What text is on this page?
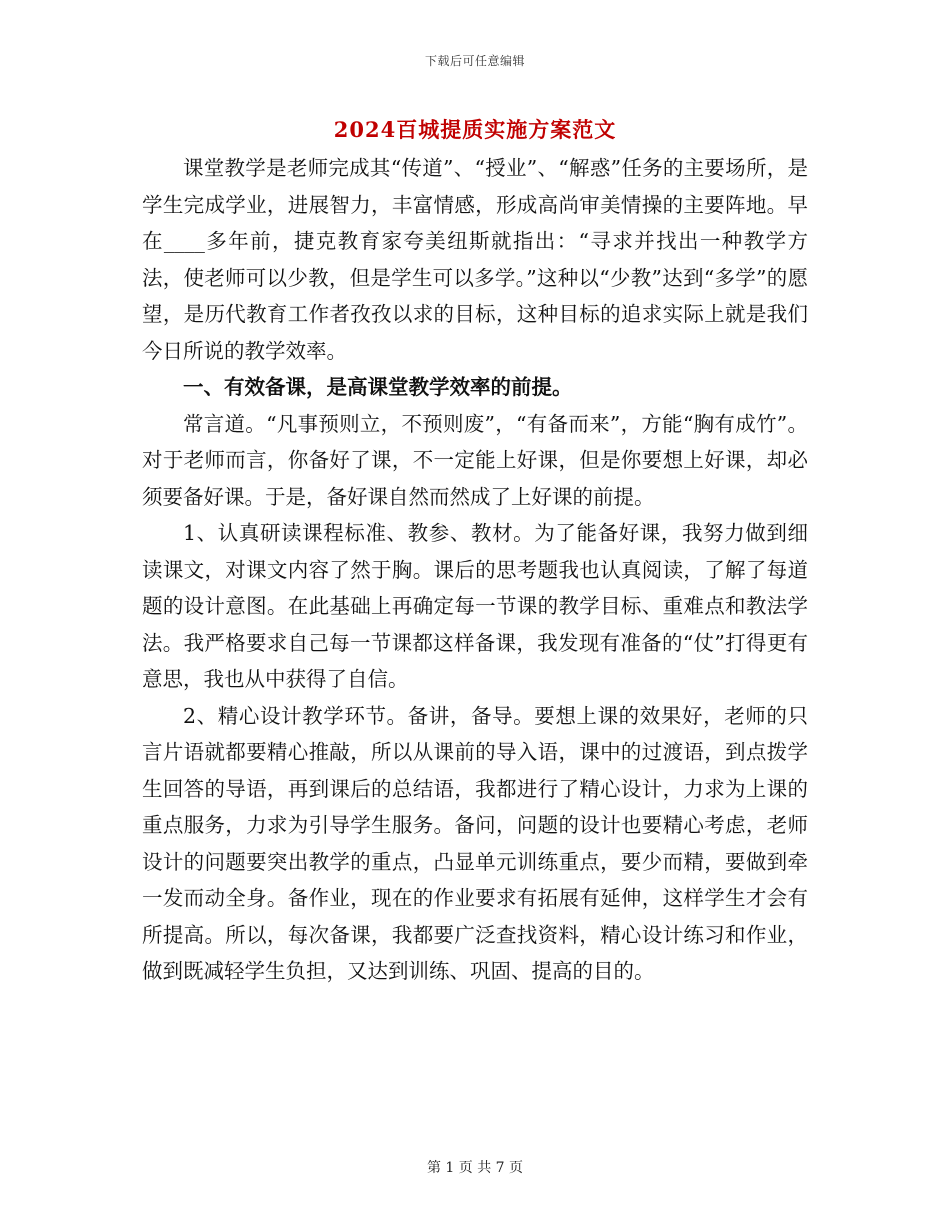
下载后可任意编辑
2024百城提质实施方案范文

课堂教学是老师完成其“传道”、“授业”、“解惑”任务的主要场所，是学生完成学业，进展智力，丰富情感，形成高尚审美情操的主要阵地。早在____多年前，捷克教育家夸美纽斯就指出：“寻求并找出一种教学方法，使老师可以少教，但是学生可以多学。”这种以“少教”达到“多学”的愿望，是历代教育工作者孜孜以求的目标，这种目标的追求实际上就是我们今日所说的教学效率。

一、有效备课，是高课堂教学效率的前提。

常言道。“凡事预则立，不预则废”，“有备而来”，方能“胸有成竹”。对于老师而言，你备好了课，不一定能上好课，但是你要想上好课，却必须要备好课。于是，备好课自然而然成了上好课的前提。

1、认真研读课程标准、教参、教材。为了能备好课，我努力做到细读课文，对课文内容了然于胸。课后的思考题我也认真阅读，了解了每道题的设计意图。在此基础上再确定每一节课的教学目标、重难点和教法学法。我严格要求自己每一节课都这样备课，我发现有准备的“仗”打得更有意思，我也从中获得了自信。

2、精心设计教学环节。备讲，备导。要想上课的效果好，老师的只言片语就都要精心推敲，所以从课前的导入语，课中的过渡语，到点拨学生回答的导语，再到课后的总结语，我都进行了精心设计，力求为上课的重点服务，力求为引导学生服务。备问，问题的设计也要精心考虑，老师设计的问题要突出教学的重点，凸显单元训练重点，要少而精，要做到牵一发而动全身。备作业，现在的作业要求有拓展有延伸，这样学生才会有所提高。所以，每次备课，我都要广泛查找资料，精心设计练习和作业，做到既减轻学生负担，又达到训练、巩固、提高的目的。

第 1 页 共 7 页
